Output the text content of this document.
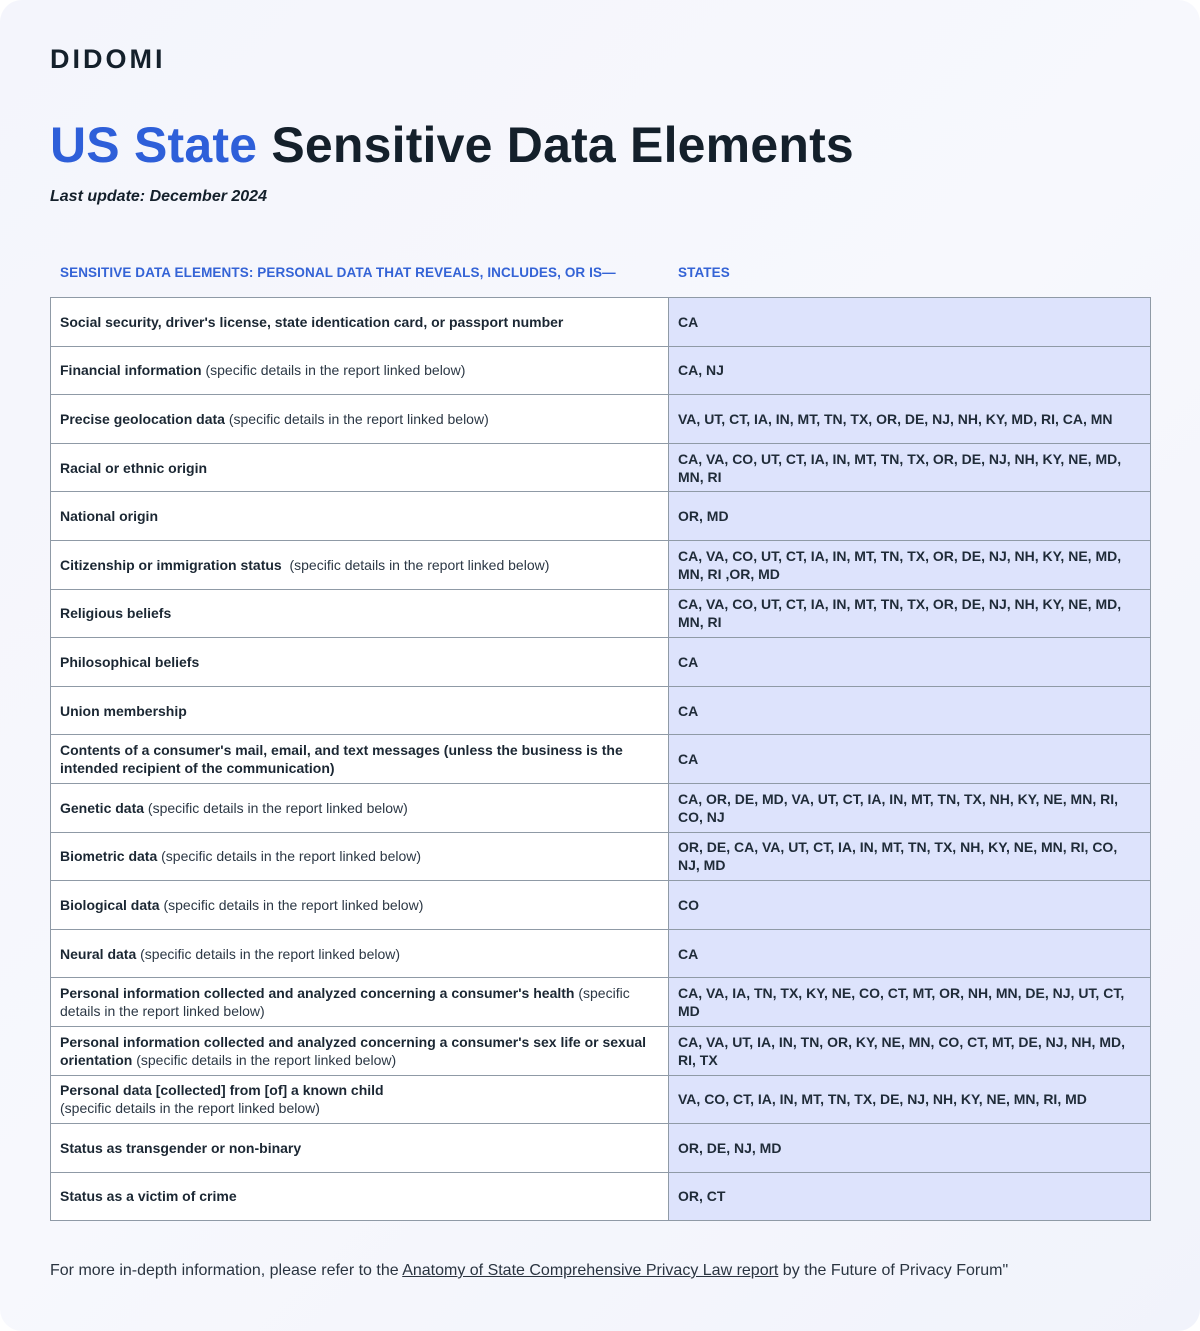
DIDOMI
US State Sensitive Data Elements
Last update: December 2024
SENSITIVE DATA ELEMENTS: PERSONAL DATA THAT REVEALS, INCLUDES, OR IS—	STATES
Social security, driver's license, state identication card, or passport number	CA
Financial information (specific details in the report linked below)	CA, NJ
Precise geolocation data (specific details in the report linked below)	VA, UT, CT, IA, IN, MT, TN, TX, OR, DE, NJ, NH, KY, MD, RI, CA, MN
Racial or ethnic origin	CA, VA, CO, UT, CT, IA, IN, MT, TN, TX, OR, DE, NJ, NH, KY, NE, MD, MN, RI
National origin	OR, MD
Citizenship or immigration status  (specific details in the report linked below)	CA, VA, CO, UT, CT, IA, IN, MT, TN, TX, OR, DE, NJ, NH, KY, NE, MD, MN, RI ,OR, MD
Religious beliefs	CA, VA, CO, UT, CT, IA, IN, MT, TN, TX, OR, DE, NJ, NH, KY, NE, MD, MN, RI
Philosophical beliefs	CA
Union membership	CA
Contents of a consumer's mail, email, and text messages (unless the business is the intended recipient of the communication)	CA
Genetic data (specific details in the report linked below)	CA, OR, DE, MD, VA, UT, CT, IA, IN, MT, TN, TX, NH, KY, NE, MN, RI, CO, NJ
Biometric data (specific details in the report linked below)	OR, DE, CA, VA, UT, CT, IA, IN, MT, TN, TX, NH, KY, NE, MN, RI, CO, NJ, MD
Biological data (specific details in the report linked below)	CO
Neural data (specific details in the report linked below)	CA
Personal information collected and analyzed concerning a consumer's health (specific details in the report linked below)	CA, VA, IA, TN, TX, KY, NE, CO, CT, MT, OR, NH, MN, DE, NJ, UT, CT, MD
Personal information collected and analyzed concerning a consumer's sex life or sexual orientation (specific details in the report linked below)	CA, VA, UT, IA, IN, TN, OR, KY, NE, MN, CO, CT, MT, DE, NJ, NH, MD, RI, TX
Personal data [collected] from [of] a known child
(specific details in the report linked below)	VA, CO, CT, IA, IN, MT, TN, TX, DE, NJ, NH, KY, NE, MN, RI, MD
Status as transgender or non-binary	OR, DE, NJ, MD
Status as a victim of crime	OR, CT
For more in-depth information, please refer to the Anatomy of State Comprehensive Privacy Law report by the Future of Privacy Forum"
